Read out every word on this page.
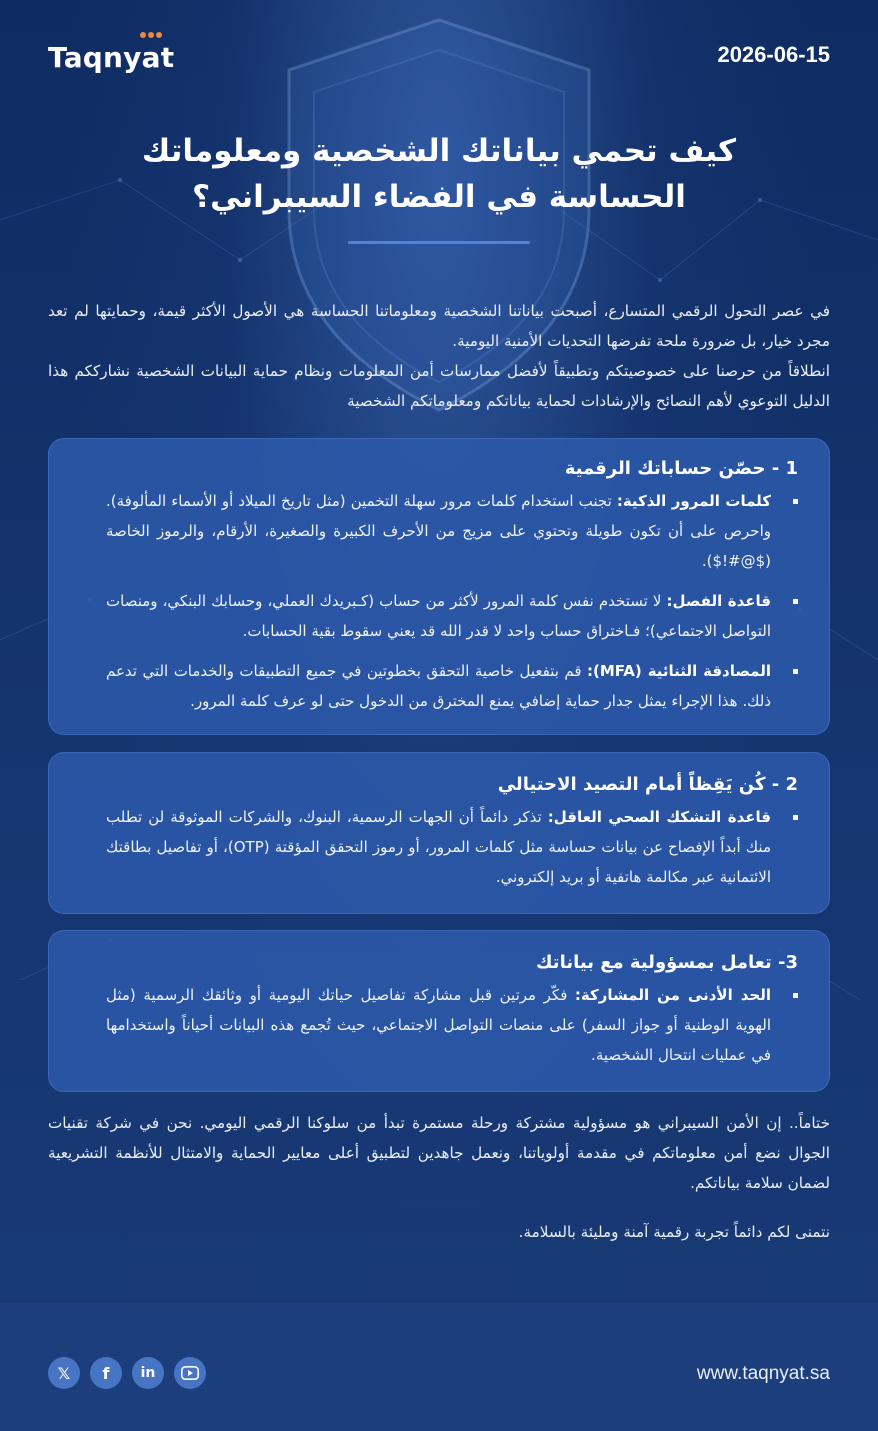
Taqnyat	2026-06-15
كيف تحمي بياناتك الشخصية ومعلوماتك
الحساسة في الفضاء السيبراني؟

في عصر التحول الرقمي المتسارع، أصبحت بياناتنا الشخصية ومعلوماتنا الحساسة هي الأصول الأكثر قيمة، وحمايتها لم تعد مجرد خيار، بل ضرورة ملحة تفرضها التحديات الأمنية اليومية.

انطلاقاً من حرصنا على خصوصيتكم وتطبيقاً لأفضل ممارسات أمن المعلومات ونظام حماية البيانات الشخصية نشارككم هذا الدليل التوعوي لأهم النصائح والإرشادات لحماية بياناتكم ومعلوماتكم الشخصية

1 - حصّن حساباتك الرقمية
كلمات المرور الذكية: تجنب استخدام كلمات مرور سهلة التخمين (مثل تاريخ الميلاد أو الأسماء المألوفة). واحرص على أن تكون طويلة وتحتوي على مزيج من الأحرف الكبيرة والصغيرة، الأرقام، والرموز الخاصة ($@#!$).
قاعدة الفصل: لا تستخدم نفس كلمة المرور لأكثر من حساب (كـبريدك العملي، وحسابك البنكي، ومنصات التواصل الاجتماعي)؛ فـاختراق حساب واحد لا قدر الله قد يعني سقوط بقية الحسابات.
المصادقة الثنائية (MFA): قم بتفعيل خاصية التحقق بخطوتين في جميع التطبيقات والخدمات التي تدعم ذلك. هذا الإجراء يمثل جدار حماية إضافي يمنع المخترق من الدخول حتى لو عرف كلمة المرور.
2 - كُن يَقِظاً أمام التصيد الاحتيالي
قاعدة التشكك الصحي العاقل: تذكر دائماً أن الجهات الرسمية، البنوك، والشركات الموثوقة لن تطلب منك أبداً الإفصاح عن بيانات حساسة مثل كلمات المرور، أو رموز التحقق المؤقتة (OTP)، أو تفاصيل بطاقتك الائتمانية عبر مكالمة هاتفية أو بريد إلكتروني.
3- تعامل بمسؤولية مع بياناتك
الحد الأدنى من المشاركة: فكّر مرتين قبل مشاركة تفاصيل حياتك اليومية أو وثائقك الرسمية (مثل الهوية الوطنية أو جواز السفر) على منصات التواصل الاجتماعي، حيث تُجمع هذه البيانات أحياناً واستخدامها في عمليات انتحال الشخصية.

ختاماً.. إن الأمن السيبراني هو مسؤولية مشتركة ورحلة مستمرة تبدأ من سلوكنا الرقمي اليومي. نحن في شركة تقنيات الجوال نضع أمن معلوماتكم في مقدمة أولوياتنا، ونعمل جاهدين لتطبيق أعلى معايير الحماية والامتثال للأنظمة التشريعية لضمان سلامة بياناتكم.

نتمنى لكم دائماً تجربة رقمية آمنة ومليئة بالسلامة.
𝕏	f	in	www.taqnyat.sa
